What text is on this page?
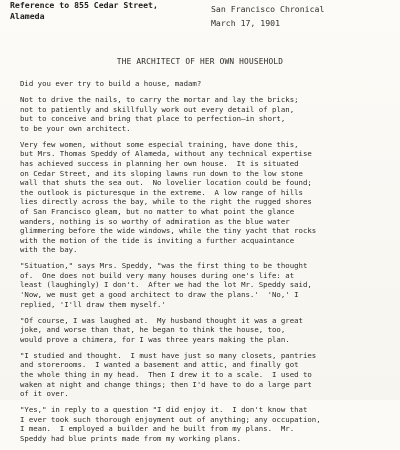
Reference to 855 Cedar Street,
Alameda
San Francisco Chronical
March 17, 1901
THE ARCHITECT OF HER OWN HOUSEHOLD
Did you ever try to build a house, madam?
Not to drive the nails, to carry the mortar and lay the bricks;
not to patiently and skillfully work out every detail of plan,
but to conceive and bring that place to perfection–in short,
to be your own architect.
Very few women, without some especial training, have done this,
but Mrs. Thomas Speddy of Alameda, without any technical expertise
has achieved success in planning her own house.  It is situated
on Cedar Street, and its sloping lawns run down to the low stone
wall that shuts the sea out.  No lovelier location could be found;
the outlook is picturesque in the extreme.  A low range of hills
lies directly across the bay, while to the right the rugged shores
of San Francisco gleam, but no matter to what point the glance
wanders, nothing is so worthy of admiration as the blue water
glimmering before the wide windows, while the tiny yacht that rocks
with the motion of the tide is inviting a further acquaintance
with the bay.
"Situation," says Mrs. Speddy, "was the first thing to be thought
of.  One does not build very many houses during one's life: at
least (laughingly) I don't.  After we had the lot Mr. Speddy said,
'Now, we must get a good architect to draw the plans.'  'No,' I
replied, 'I'll draw them myself.'
"Of course, I was laughed at.  My husband thought it was a great
joke, and worse than that, he began to think the house, too,
would prove a chimera, for I was three years making the plan.
"I studied and thought.  I must have just so many closets, pantries
and storerooms.  I wanted a basement and attic, and finally got
the whole thing in my head.  Then I drew it to a scale.  I used to
waken at night and change things; then I'd have to do a large part
of it over.
"Yes," in reply to a question "I did enjoy it.  I don't know that
I ever took such thorough enjoyment out of anything; any occupation,
I mean.  I employed a builder and he built from my plans.  Mr.
Speddy had blue prints made from my working plans.
